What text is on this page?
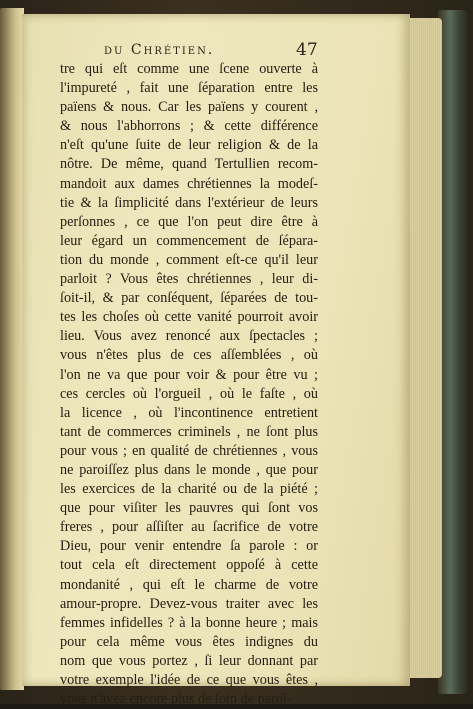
du Chrétien.	47
tre qui eſt comme une ſcene ouverte à
l'impureté , fait une ſéparation entre les
païens & nous. Car les païens y courent ,
& nous l'abhorrons ; & cette différence
n'eſt qu'une ſuite de leur religion & de la
nôtre. De même, quand Tertullien recom-
mandoit aux dames chrétiennes la modeſ-
tie & la ſimplicité dans l'extérieur de leurs
perſonnes , ce que l'on peut dire être à
leur égard un commencement de ſépara-
tion du monde , comment eſt-ce qu'il leur
parloit ? Vous êtes chrétiennes , leur di-
ſoit-il, & par conſéquent, ſéparées de tou-
tes les choſes où cette vanité pourroit avoir
lieu. Vous avez renoncé aux ſpectacles ;
vous n'êtes plus de ces aſſemblées , où
l'on ne va que pour voir & pour être vu ;
ces cercles où l'orgueil , où le faſte , où
la licence , où l'incontinence entretient
tant de commerces criminels , ne ſont plus
pour vous ; en qualité de chrétiennes , vous
ne paroiſſez plus dans le monde , que pour
les exercices de la charité ou de la piété ;
que pour viſiter les pauvres qui ſont vos
freres , pour aſſiſter au ſacrifice de votre
Dieu, pour venir entendre ſa parole : or
tout cela eſt directement oppoſé à cette
mondanité , qui eſt le charme de votre
amour-propre. Devez-vous traiter avec les
femmes infidelles ? à la bonne heure ; mais
pour cela même vous êtes indignes du
nom que vous portez , ſi leur donnant par
votre exemple l'idée de ce que vous êtes ,
vous n'avez encore plus de ſoin de paroî-
